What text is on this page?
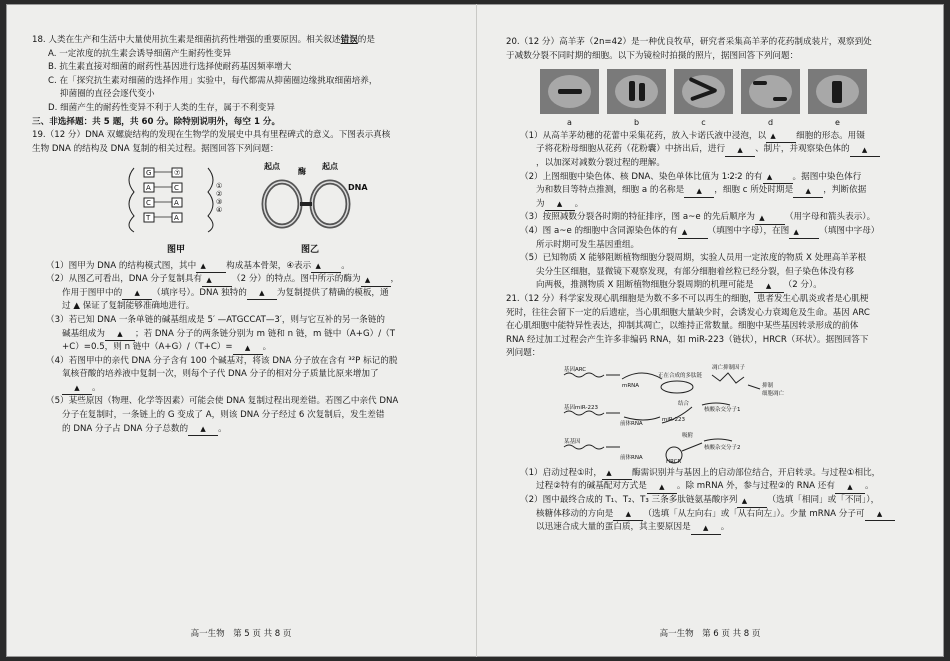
18. 人类在生产和生活中大量使用抗生素是细菌抗药性增强的重要原因。相关叙述错误的是

A. 一定浓度的抗生素会诱导细菌产生耐药性变异

B. 抗生素直接对细菌的耐药性基因进行选择使耐药基因频率增大

C. 在「探究抗生素对细菌的选择作用」实验中，每代都需从抑菌圈边缘挑取细菌培养，

抑菌圈的直径会逐代变小

D. 细菌产生的耐药性变异不利于人类的生存，属于不利变异

三、非选择题：共 5 题，共 60 分。除特别说明外，每空 1 分。

19.（12 分）DNA 双螺旋结构的发现在生物学的发展史中具有里程碑式的意义。下图表示真核

生物 DNA 的结构及 DNA 复制的相关过程。据图回答下列问题：

G	⑦
A	C
C	A
T	A
①
②
③
④
图甲
起点
酶
起点
DNA
图乙

（1）图甲为 DNA 的结构模式图，其中 ▲ 构成基本骨架，④表示 ▲ 。

（2）从图乙可看出，DNA 分子复制具有 ▲ （2 分）的特点。图中所示的酶为 ▲ ，

作用于图甲中的 ▲ （填序号）。DNA 独特的 ▲ 为复制提供了精确的模板，通

过 ▲ 保证了复制能够准确地进行。

（3）若已知 DNA 一条单链的碱基组成是 5′ —ATGCCAT—3′，则与它互补的另一条链的

碱基组成为 ▲ ；若 DNA 分子的两条链分别为 m 链和 n 链，m 链中（A+G）/（T

+C）=0.5，则 n 链中（A+G）/（T+C）= ▲ 。

（4）若图甲中的亲代 DNA 分子含有 100 个碱基对，将该 DNA 分子放在含有 ³²P 标记的脱

氧核苷酸的培养液中复制一次，则每个子代 DNA 分子的相对分子质量比原来增加了

▲ 。

（5）某些原因（物理、化学等因素）可能会使 DNA 复制过程出现差错。若图乙中亲代 DNA

分子在复制时，一条链上的 G 变成了 A，则该 DNA 分子经过 6 次复制后，发生差错

的 DNA 分子占 DNA 分子总数的 ▲ 。

高一生物　第 5 页 共 8 页

20.（12 分）高羊茅（2n=42）是一种优良牧草，研究者采集高羊茅的花药制成装片，观察到处

于减数分裂不同时期的细胞。以下为镜检时拍摄的照片，据图回答下列问题：

a	b	c	d	e

（1）从高羊茅幼穗的花蕾中采集花药，放入卡诺氏液中浸泡，以 ▲ 细胞的形态。用镊

子将花粉母细胞从花药（花粉囊）中挤出后，进行 ▲ 、制片，并观察染色体的 ▲

，以加深对减数分裂过程的理解。

（2）上图细胞中染色体、核 DNA、染色单体比值为 1∶2∶2 的有 ▲ 。据图中染色体行

为和数目等特点推测，细胞 a 的名称是 ▲ ，细胞 c 所处时期是 ▲ ，判断依据

为 ▲ 。

（3）按照减数分裂各时期的特征排序，图 a~e 的先后顺序为 ▲ （用字母和箭头表示）。

（4）图 a~e 的细胞中含同源染色体的有 ▲ （填图中字母），在图 ▲ （填图中字母）

所示时期可发生基因重组。

（5）已知物质 X 能够阻断植物细胞分裂周期，实验人员用一定浓度的物质 X 处理高羊茅根

尖分生区细胞，显微镜下观察发现，有部分细胞着丝粒已经分裂，但子染色体没有移

向两极，推测物质 X 阻断植物细胞分裂周期的机理可能是 ▲ （2 分）。

21.（12 分）科学家发现心肌细胞是为数不多不可以再生的细胞，患者发生心肌炎或者是心肌梗

死时，往往会留下一定的后遗症，当心肌细胞大量缺少时，会诱发心力衰竭危及生命。基因 ARC

在心肌细胞中能特异性表达，抑制其凋亡，以维持正常数量。细胞中某些基因转录形成的前体

RNA 经过加工过程会产生许多非编码 RNA，如 miR-223（链状），HRCR（环状）。据图回答下

列问题：

基因ARC
基因miR-223
某基因
mRNA
正在合成的多肽链
凋亡抑制因子
抑制
细胞凋亡
结合
核酸杂交分子1
前体RNA
miR-223
吸附
核酸杂交分子2
前体RNA
HRCR

（1）启动过程①时， ▲ 酶需识别并与基因上的启动部位结合，开启转录。与过程①相比，

过程②特有的碱基配对方式是 ▲ 。除 mRNA 外，参与过程②的 RNA 还有 ▲ 。

（2）图中最终合成的 T₁、T₂、T₃ 三条多肽链氨基酸序列 ▲ （选填「相同」或「不同」），

核糖体移动的方向是 ▲ （选填「从左向右」或「从右向左」）。少量 mRNA 分子可 ▲

以迅速合成大量的蛋白质，其主要原因是 ▲ 。

高一生物　第 6 页 共 8 页
